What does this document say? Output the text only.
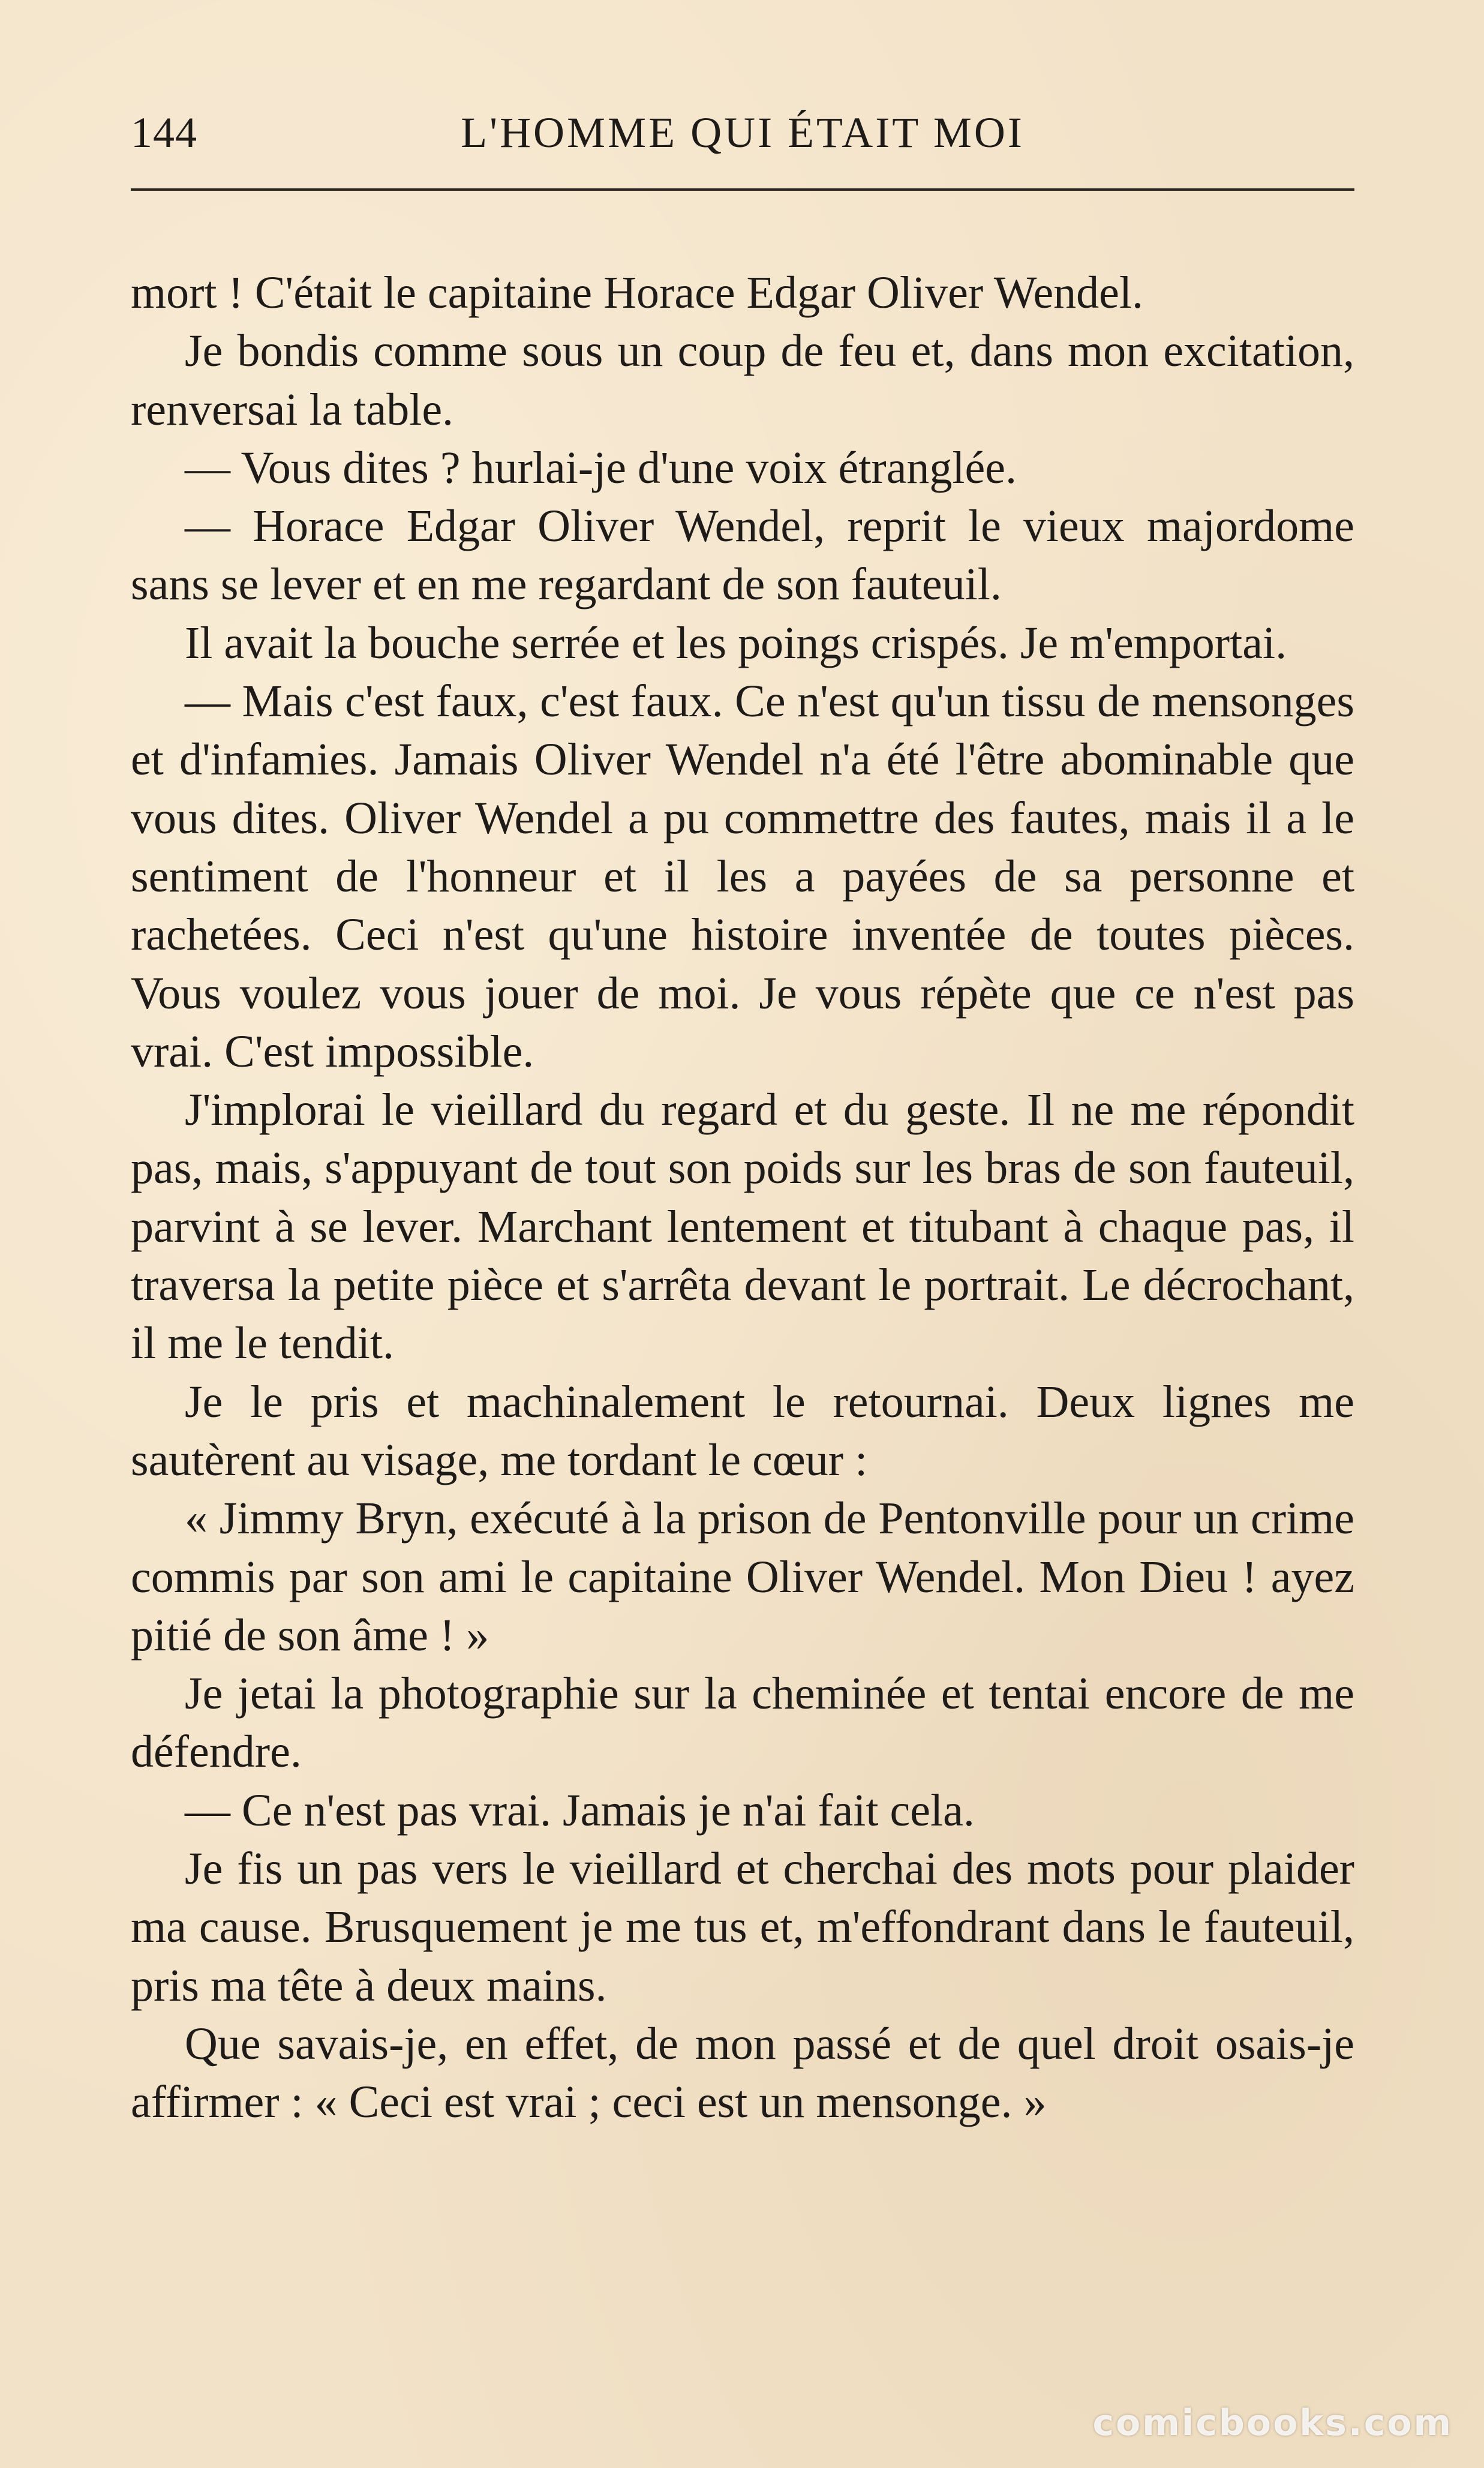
144	L'HOMME QUI ÉTAIT MOI

mort ! C'était le capitaine Horace Edgar Oliver Wendel.

Je bondis comme sous un coup de feu et, dans mon excitation, renversai la table.

— Vous dites ? hurlai-je d'une voix étranglée.

— Horace Edgar Oliver Wendel, reprit le vieux majordome sans se lever et en me regardant de son fauteuil.

Il avait la bouche serrée et les poings crispés. Je m'emportai.

— Mais c'est faux, c'est faux. Ce n'est qu'un tissu de mensonges et d'infamies. Jamais Oliver Wendel n'a été l'être abominable que vous dites. Oliver Wendel a pu commettre des fautes, mais il a le sentiment de l'honneur et il les a payées de sa personne et rachetées. Ceci n'est qu'une histoire inventée de toutes pièces. Vous voulez vous jouer de moi. Je vous répète que ce n'est pas vrai. C'est impossible.

J'implorai le vieillard du regard et du geste. Il ne me répondit pas, mais, s'appuyant de tout son poids sur les bras de son fauteuil, parvint à se lever. Marchant lentement et titubant à chaque pas, il traversa la petite pièce et s'arrêta devant le portrait. Le décrochant, il me le tendit.

Je le pris et machinalement le retournai. Deux lignes me sautèrent au visage, me tordant le cœur :

« Jimmy Bryn, exécuté à la prison de Pentonville pour un crime commis par son ami le capitaine Oliver Wendel. Mon Dieu ! ayez pitié de son âme ! »

Je jetai la photographie sur la cheminée et tentai encore de me défendre.

— Ce n'est pas vrai. Jamais je n'ai fait cela.

Je fis un pas vers le vieillard et cherchai des mots pour plaider ma cause. Brusquement je me tus et, m'effondrant dans le fauteuil, pris ma tête à deux mains.

Que savais-je, en effet, de mon passé et de quel droit osais-je affirmer : « Ceci est vrai ; ceci est un mensonge. »

comicbooks.com
